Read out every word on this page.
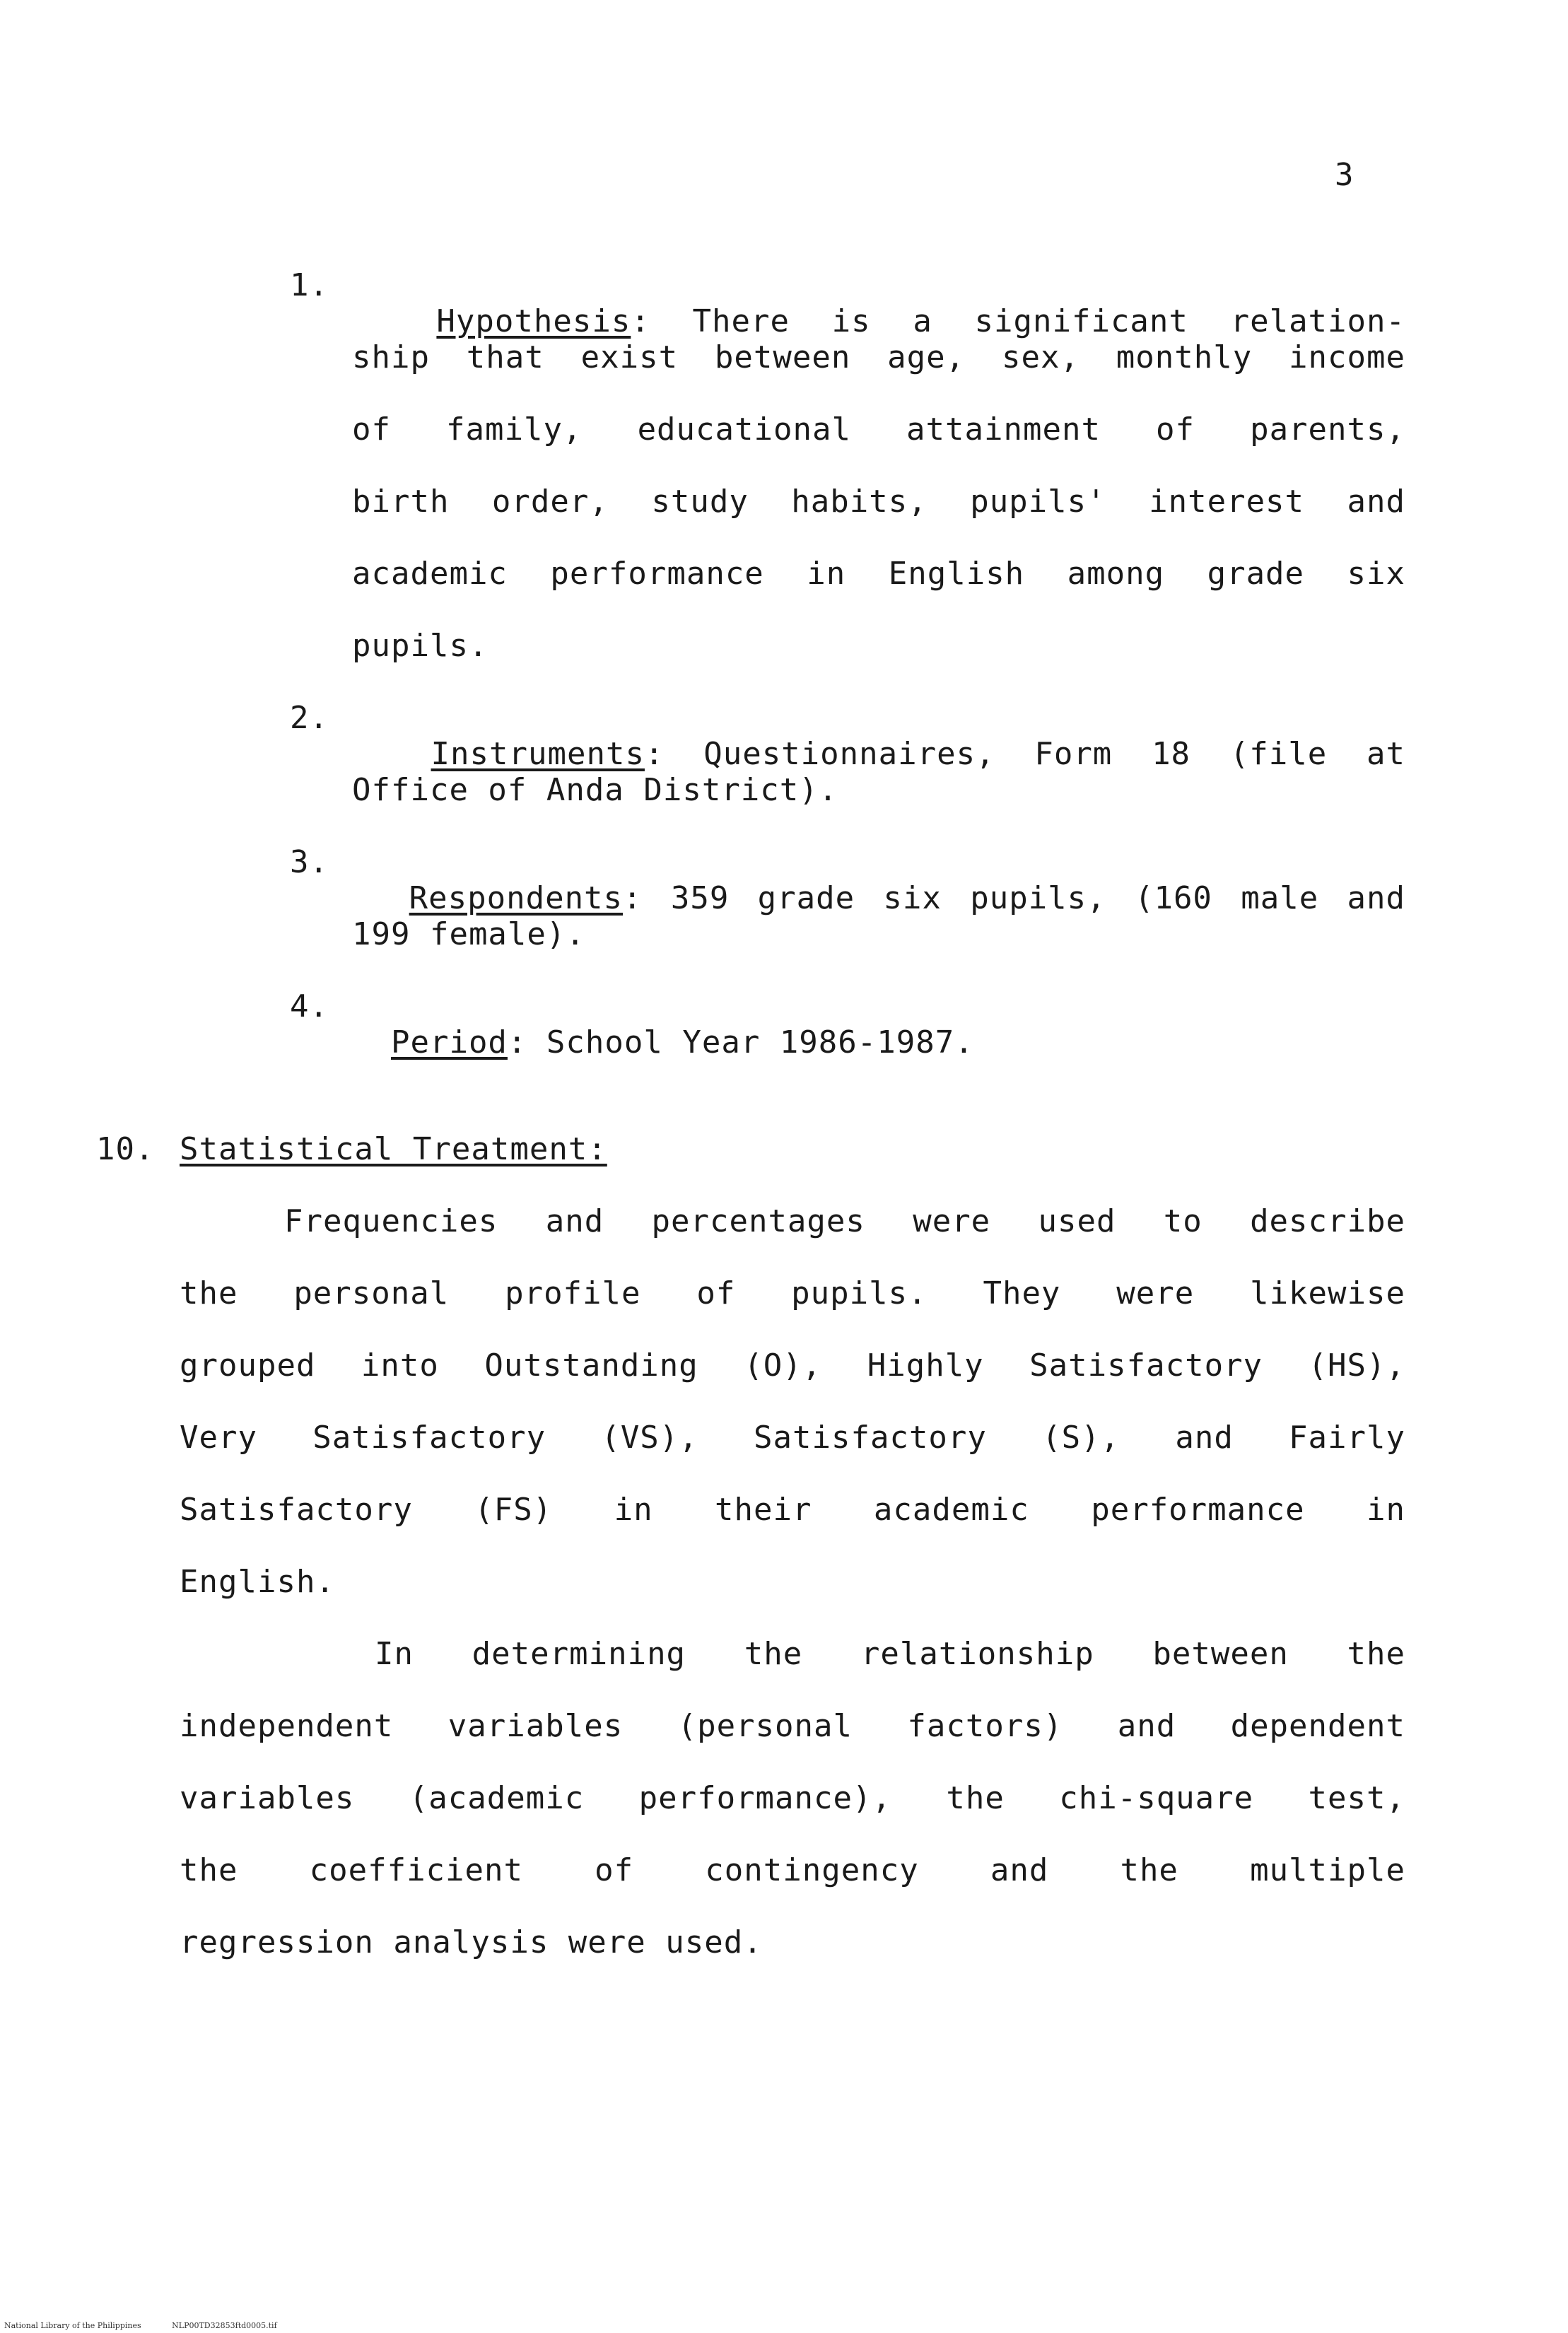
3
1.

Hypothesis: There is a significant relation-

ship that exist between age, sex, monthly income
of family, educational attainment of parents,
birth order, study habits, pupils' interest and
academic performance in English among grade six
pupils.
2.

Instruments: Questionnaires, Form 18 (file at

Office of Anda District).
3.

Respondents: 359 grade six pupils, (160 male and

199 female).
4.

Period: School Year 1986-1987.

10. Statistical Treatment:
Frequencies and percentages were used to describe
the personal profile of pupils. They were likewise
grouped into Outstanding (O), Highly Satisfactory (HS),
Very Satisfactory (VS), Satisfactory (S), and Fairly
Satisfactory (FS) in their academic performance in
English.
In determining the relationship between the
independent variables (personal factors) and dependent
variables (academic performance), the chi-square test,
the coefficient of contingency and the multiple
regression analysis were used.
National Library of the Philippines	NLP00TD32853ftd0005.tif
